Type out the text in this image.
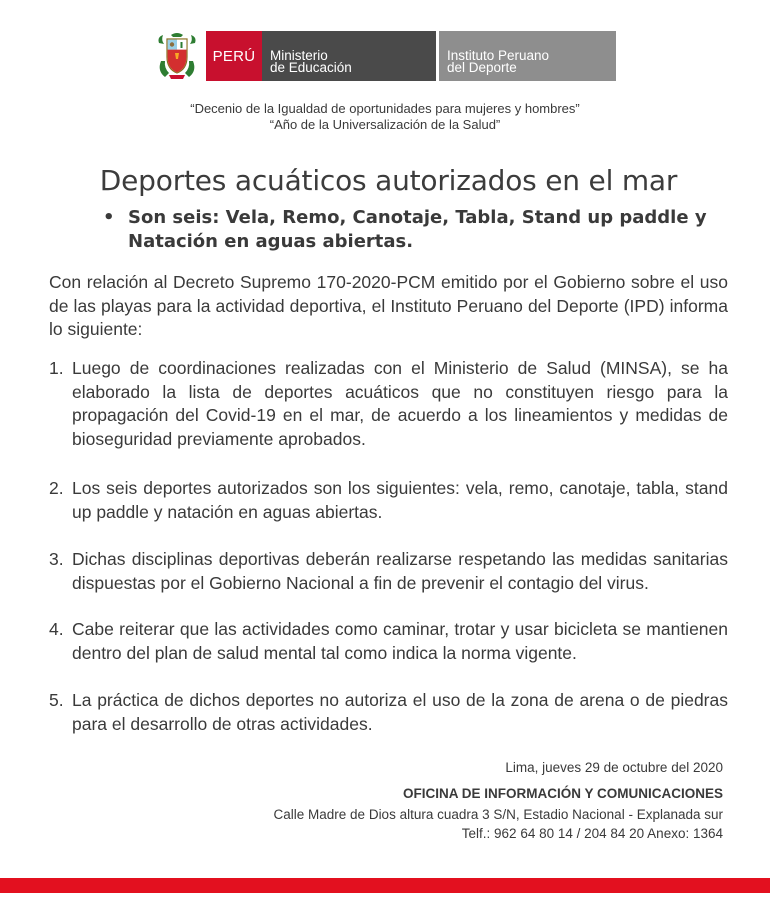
PERÚ Ministerio
de Educación
Instituto Peruano
del Deporte
“Decenio de la Igualdad de oportunidades para mujeres y hombres”
“Año de la Universalización de la Salud”
Deportes acuáticos autorizados en el mar
• Son seis: Vela, Remo, Canotaje, Tabla, Stand up paddle y Natación en aguas abiertas.
Con relación al Decreto Supremo 170-2020-PCM emitido por el Gobierno sobre el uso de las playas para la actividad deportiva, el Instituto Peruano del Deporte (IPD) informa lo siguiente:
1. Luego de coordinaciones realizadas con el Ministerio de Salud (MINSA), se ha elaborado la lista de deportes acuáticos que no constituyen riesgo para la propagación del Covid-19 en el mar, de acuerdo a los lineamientos y medidas de bioseguridad previamente aprobados.
2. Los seis deportes autorizados son los siguientes: vela, remo, canotaje, tabla, stand up paddle y natación en aguas abiertas.
3. Dichas disciplinas deportivas deberán realizarse respetando las medidas sanitarias dispuestas por el Gobierno Nacional a fin de prevenir el contagio del virus.
4. Cabe reiterar que las actividades como caminar, trotar y usar bicicleta se mantienen dentro del plan de salud mental tal como indica la norma vigente.
5. La práctica de dichos deportes no autoriza el uso de la zona de arena o de piedras para el desarrollo de otras actividades.
Lima, jueves 29 de octubre del 2020
OFICINA DE INFORMACIÓN Y COMUNICACIONES
Calle Madre de Dios altura cuadra 3 S/N, Estadio Nacional - Explanada sur
Telf.: 962 64 80 14 / 204 84 20 Anexo: 1364
